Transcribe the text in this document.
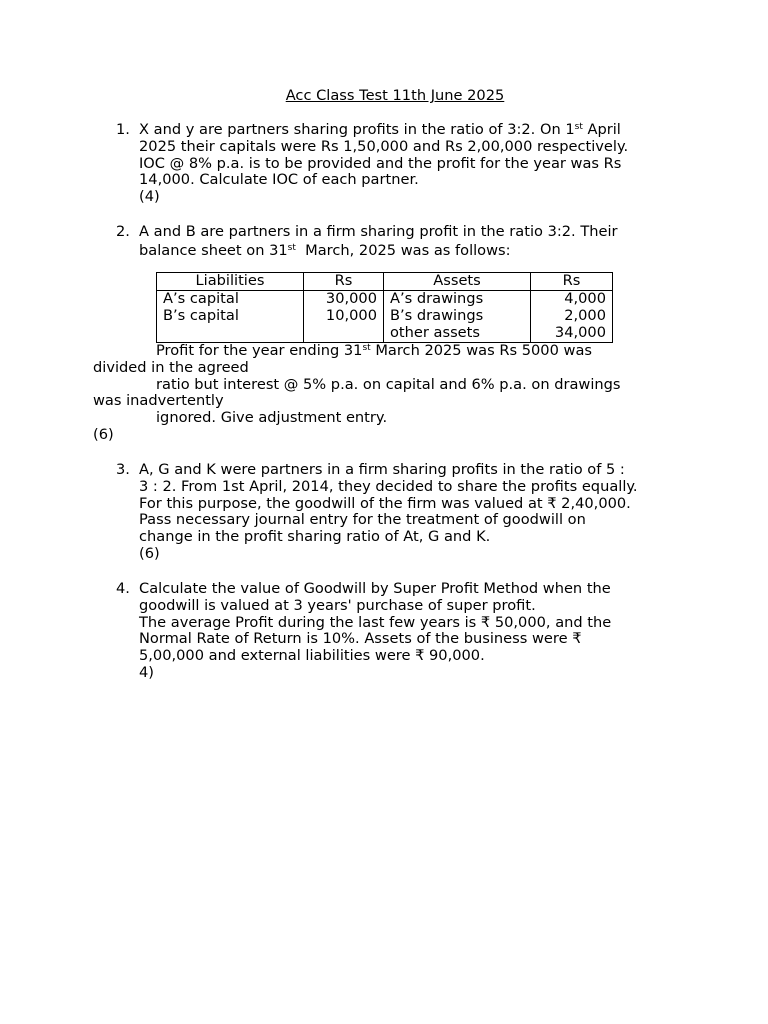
Acc Class Test 11th June 2025
1. X and y are partners sharing profits in the ratio of 3:2. On 1st April
2025 their capitals were Rs 1,50,000 and Rs 2,00,000 respectively.
IOC @ 8% p.a. is to be provided and the profit for the year was Rs
14,000. Calculate IOC of each partner.
(4)
2. A and B are partners in a firm sharing profit in the ratio 3:2. Their
balance sheet on 31st  March, 2025 was as follows:
Liabilities	Rs	Assets	Rs
A’s capital	30,000	A’s drawings	4,000
B’s capital	10,000	B’s drawings	2,000
		other assets	34,000
Profit for the year ending 31st March 2025 was Rs 5000 was
divided in the agreed
ratio but interest @ 5% p.a. on capital and 6% p.a. on drawings
was inadvertently
ignored. Give adjustment entry.
(6)
3. A, G and K were partners in a firm sharing profits in the ratio of 5 :
3 : 2. From 1st April, 2014, they decided to share the profits equally.
For this purpose, the goodwill of the firm was valued at ₹ 2,40,000.
Pass necessary journal entry for the treatment of goodwill on
change in the profit sharing ratio of At, G and K.
(6)
4. Calculate the value of Goodwill by Super Profit Method when the
goodwill is valued at 3 years' purchase of super profit.
The average Profit during the last few years is ₹ 50,000, and the
Normal Rate of Return is 10%. Assets of the business were ₹
5,00,000 and external liabilities were ₹ 90,000.
4)
